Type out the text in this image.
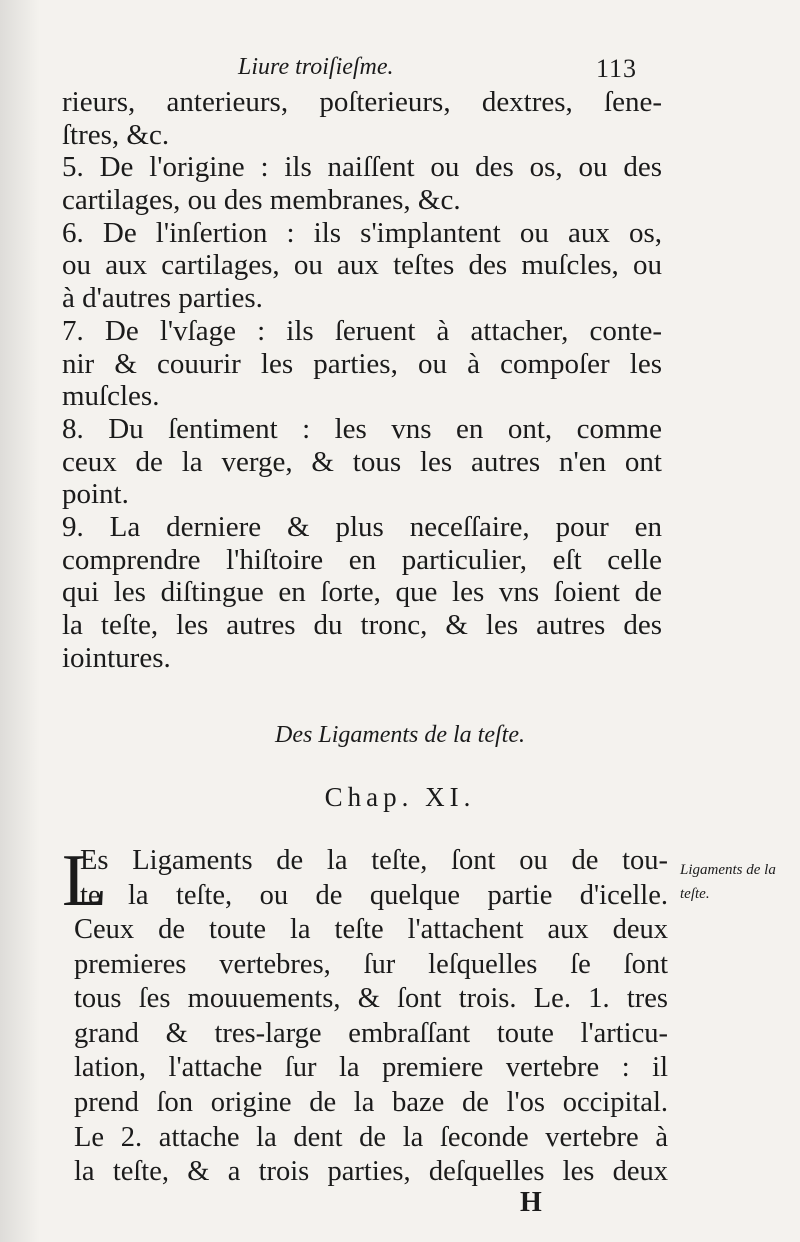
Liure troiſieſme.	113
rieurs, anterieurs, poſterieurs, dextres, ſene-
ſtres, &c.
5. De l'origine : ils naiſſent ou des os, ou des
cartilages, ou des membranes, &c.
6. De l'inſertion : ils s'implantent ou aux os,
ou aux cartilages, ou aux teſtes des muſcles, ou
à d'autres parties.
7. De l'vſage : ils ſeruent à attacher, conte-
nir & couurir les parties, ou à compoſer les
muſcles.
8. Du ſentiment : les vns en ont, comme
ceux de la verge, & tous les autres n'en ont
point.
9. La derniere & plus neceſſaire, pour en
comprendre l'hiſtoire en particulier, eſt celle
qui les diſtingue en ſorte, que les vns ſoient de
la teſte, les autres du tronc, & les autres des
iointures.
Des Ligaments de la teſte.
Chap. XI.
L
Es Ligaments de la teſte, ſont ou de tou-
te la teſte, ou de quelque partie d'icelle.
Ceux de toute la teſte l'attachent aux deux
premieres vertebres, ſur leſquelles ſe ſont
tous ſes mouuements, & ſont trois. Le. 1. tres
grand & tres-large embraſſant toute l'articu-
lation, l'attache ſur la premiere vertebre : il
prend ſon origine de la baze de l'os occipital.
Le 2. attache la dent de la ſeconde vertebre à
la teſte, & a trois parties, deſquelles les deux
Ligaments de la teſte.
H
